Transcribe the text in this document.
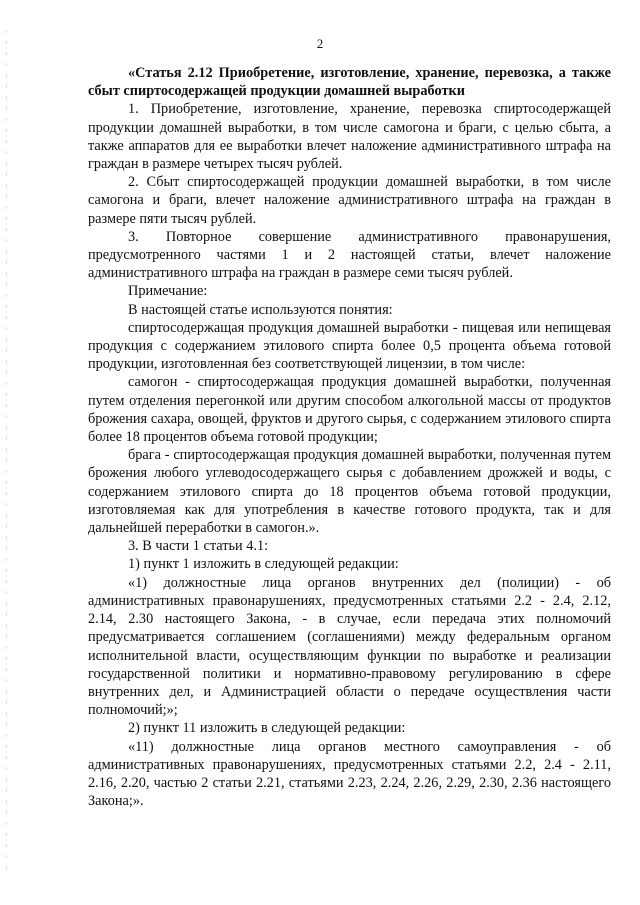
2

«Статья 2.12 Приобретение, изготовление, хранение, перевозка, а также сбыт спиртосодержащей продукции домашней выработки

1. Приобретение, изготовление, хранение, перевозка спиртосодержащей продукции домашней выработки, в том числе самогона и браги, с целью сбыта, а также аппаратов для ее выработки влечет наложение административного штрафа на граждан в размере четырех тысяч рублей.

2. Сбыт спиртосодержащей продукции домашней выработки, в том числе самогона и браги, влечет наложение административного штрафа на граждан в размере пяти тысяч рублей.

3. Повторное совершение административного правонарушения, предусмотренного частями 1 и 2 настоящей статьи, влечет наложение административного штрафа на граждан в размере семи тысяч рублей.

Примечание:

В настоящей статье используются понятия:

спиртосодержащая продукция домашней выработки - пищевая или непищевая продукция с содержанием этилового спирта более 0,5 процента объема готовой продукции, изготовленная без соответствующей лицензии, в том числе:

самогон - спиртосодержащая продукция домашней выработки, полученная путем отделения перегонкой или другим способом алкогольной массы от продуктов брожения сахара, овощей, фруктов и другого сырья, с содержанием этилового спирта более 18 процентов объема готовой продукции;

брага - спиртосодержащая продукция домашней выработки, полученная путем брожения любого углеводосодержащего сырья с добавлением дрожжей и воды, с содержанием этилового спирта до 18 процентов объема готовой продукции, изготовляемая как для употребления в качестве готового продукта, так и для дальнейшей переработки в самогон.».

3. В части 1 статьи 4.1:

1) пункт 1 изложить в следующей редакции:

«1) должностные лица органов внутренних дел (полиции) - об административных правонарушениях, предусмотренных статьями 2.2 - 2.4, 2.12, 2.14, 2.30 настоящего Закона, - в случае, если передача этих полномочий предусматривается соглашением (соглашениями) между федеральным органом исполнительной власти, осуществляющим функции по выработке и реализации государственной политики и нормативно-правовому регулированию в сфере внутренних дел, и Администрацией области о передаче осуществления части полномочий;»;

2) пункт 11 изложить в следующей редакции:

«11) должностные лица органов местного самоуправления - об административных правонарушениях, предусмотренных статьями 2.2, 2.4 - 2.11, 2.16, 2.20, частью 2 статьи 2.21, статьями 2.23, 2.24, 2.26, 2.29, 2.30, 2.36 настоящего Закона;».
